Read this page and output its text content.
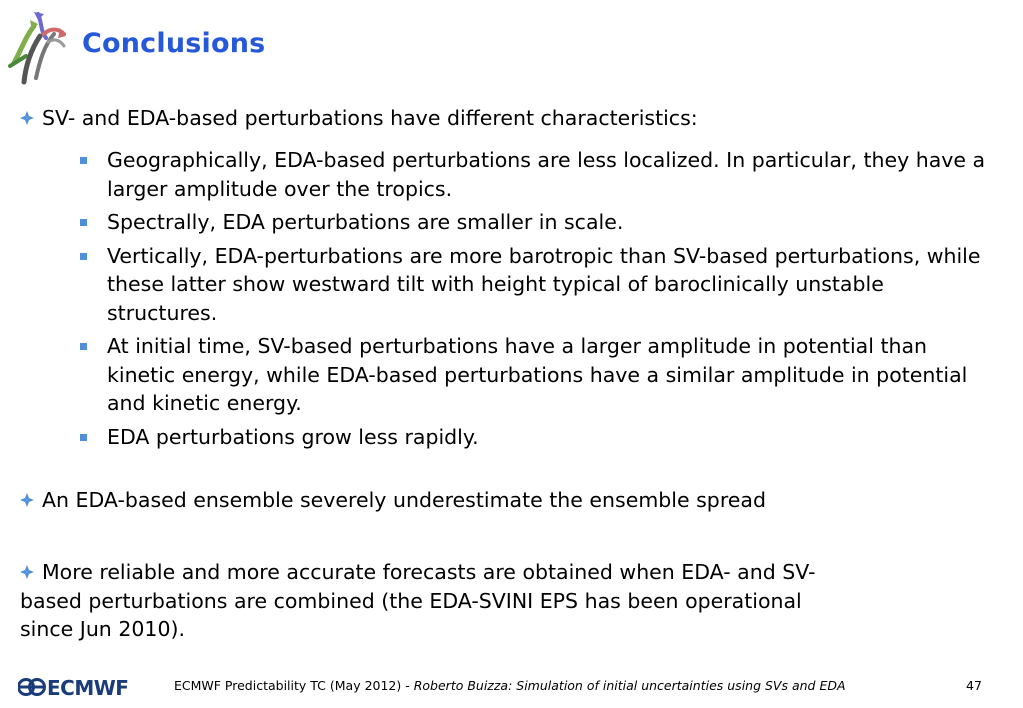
Conclusions
SV- and EDA-based perturbations have different characteristics:
Geographically, EDA-based perturbations are less localized. In particular, they have a larger amplitude over the tropics.
Spectrally, EDA perturbations are smaller in scale.
Vertically, EDA-perturbations are more barotropic than SV-based perturbations, while these latter show westward tilt with height typical of baroclinically unstable structures.
At initial time, SV-based perturbations have a larger amplitude in potential than kinetic energy, while EDA-based perturbations have a similar amplitude in potential and kinetic energy.
EDA perturbations grow less rapidly.
An EDA-based ensemble severely underestimate the ensemble spread
More reliable and more accurate forecasts are obtained when EDA- and SV-
based perturbations are combined (the EDA-SVINI EPS has been operational
since Jun 2010).
ECMWF	ECMWF Predictability TC (May 2012) - Roberto Buizza: Simulation of initial uncertainties using SVs and EDA	47
